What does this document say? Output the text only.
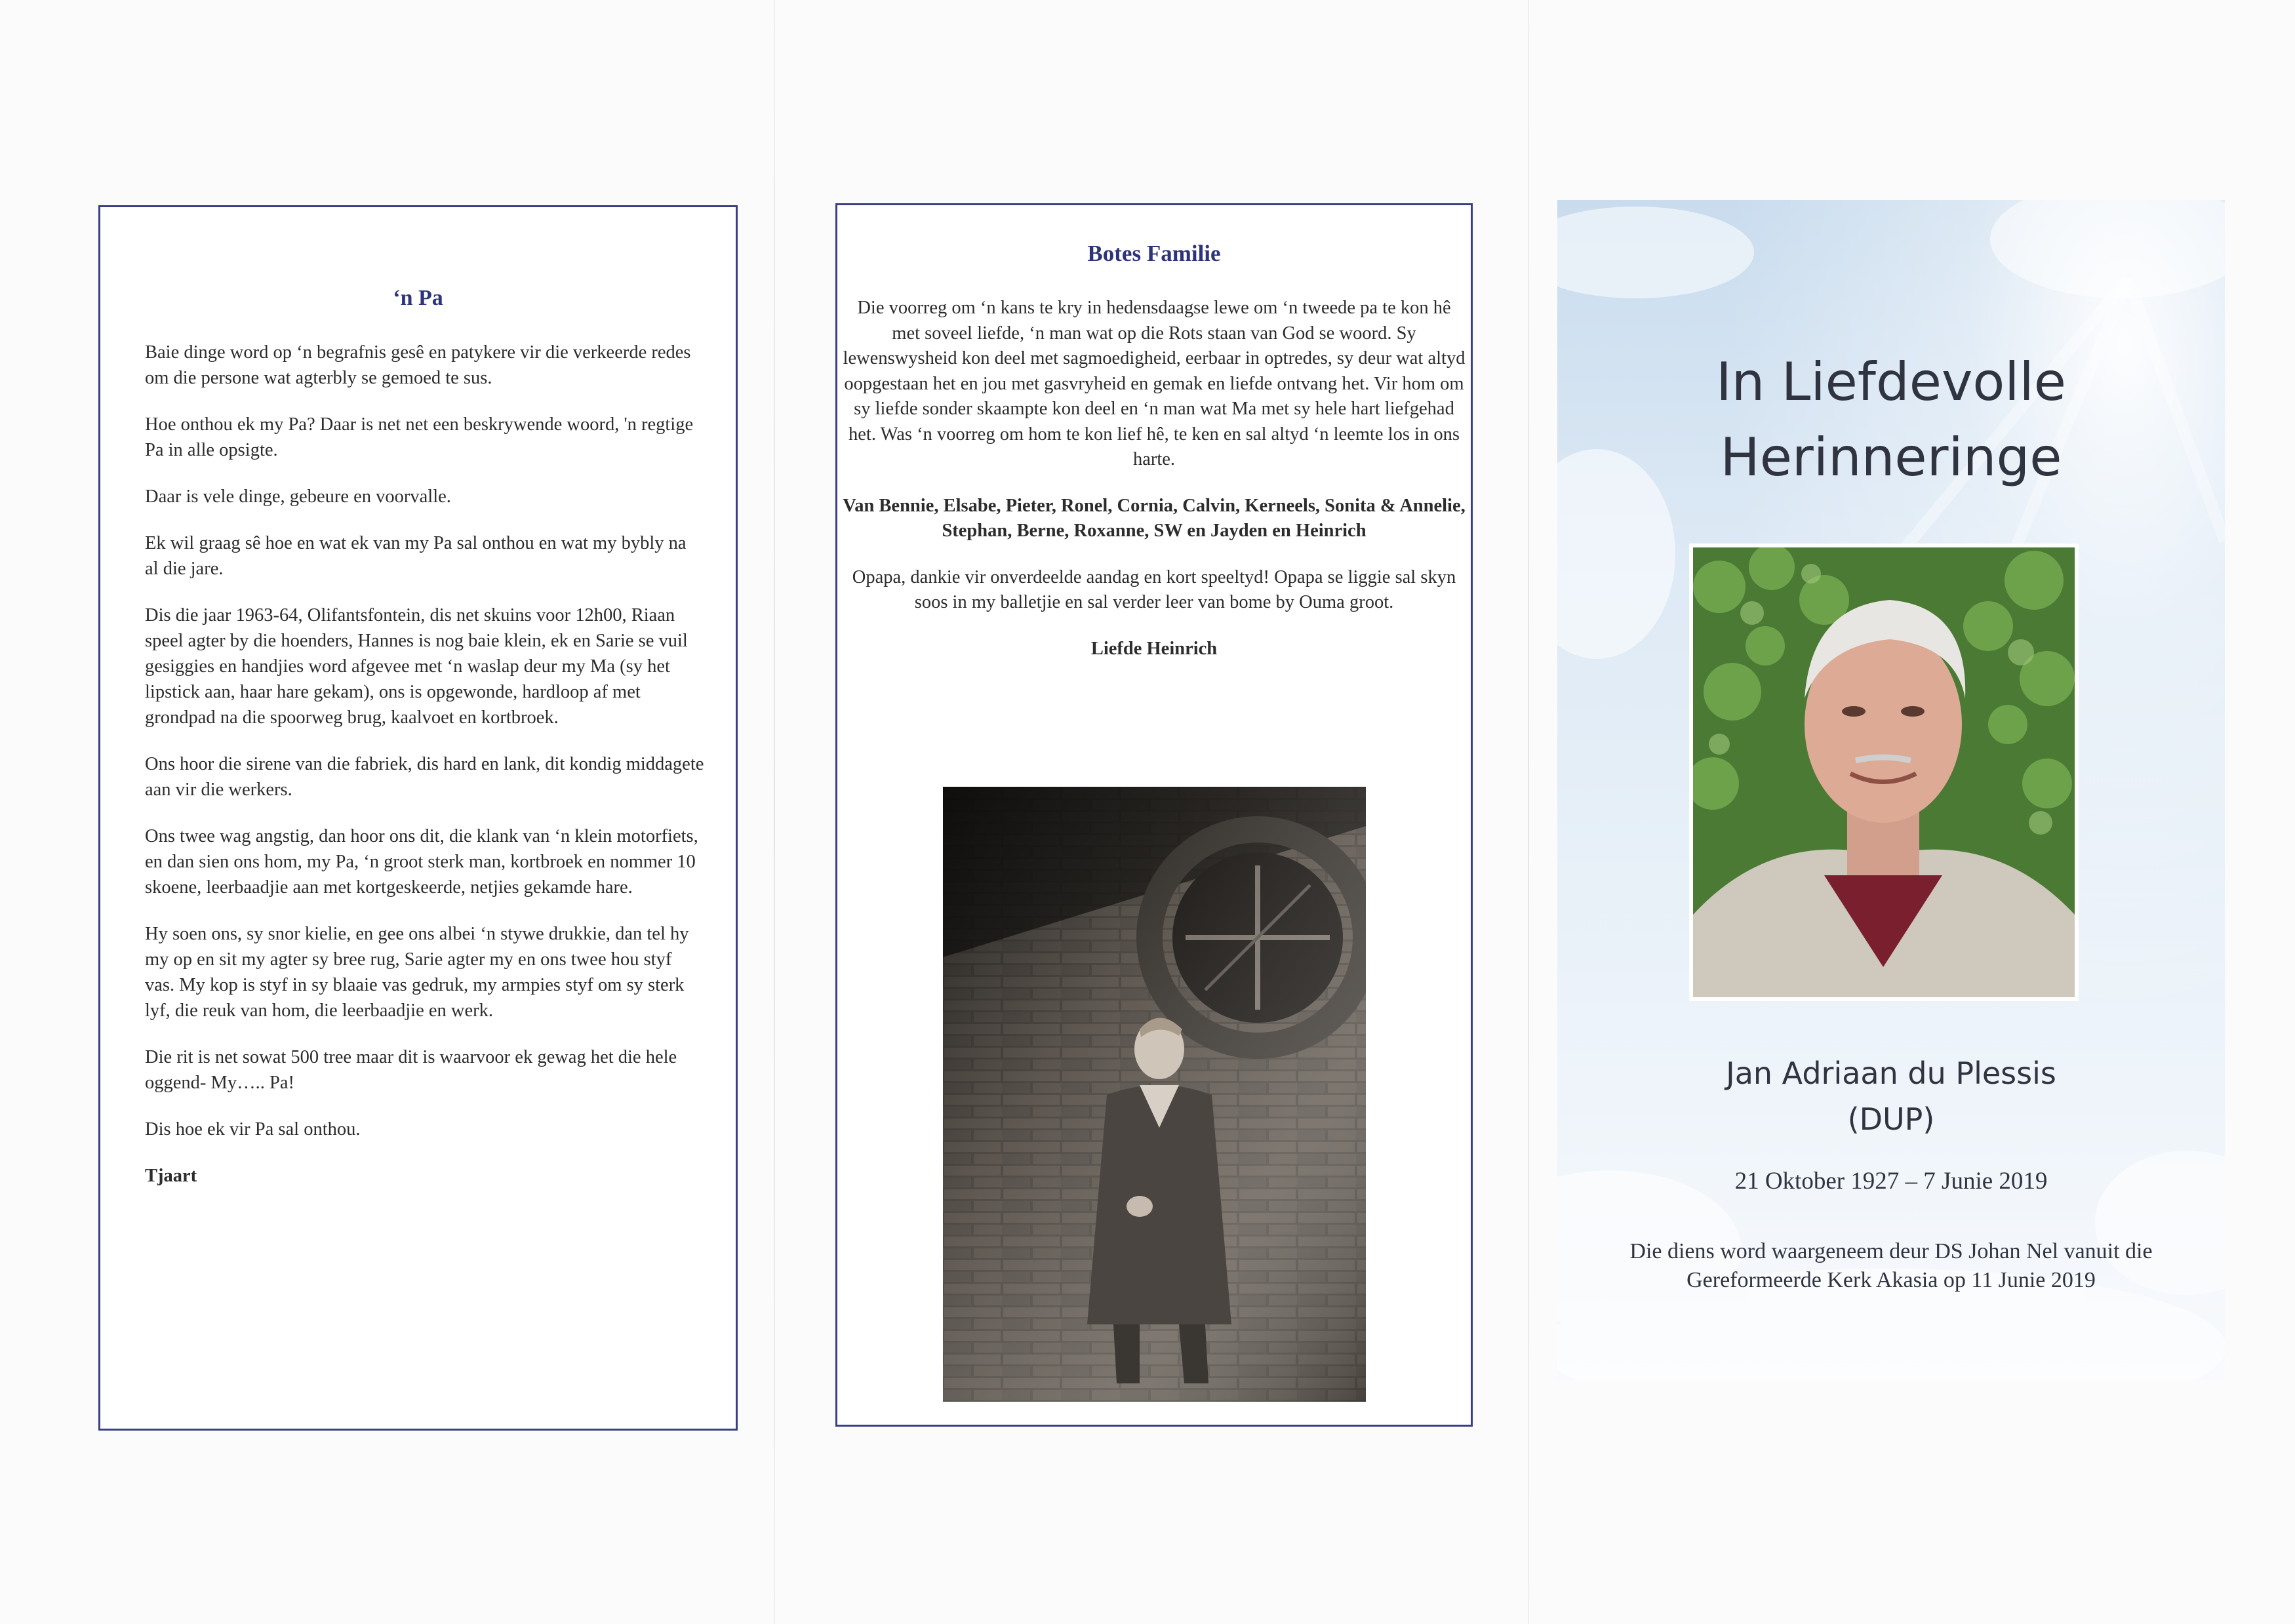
‘n Pa

Baie dinge word op ‘n begrafnis gesê en patykere vir die verkeerde redes om die persone wat agterbly se gemoed te sus.

Hoe onthou ek my Pa? Daar is net net een beskrywende woord, 'n regtige Pa in alle opsigte.

Daar is vele dinge, gebeure en voorvalle.

Ek wil graag sê hoe en wat ek van my Pa sal onthou en wat my bybly na al die jare.

Dis die jaar 1963-64, Olifantsfontein, dis net skuins voor 12h00, Riaan speel agter by die hoenders, Hannes is nog baie klein, ek en Sarie se vuil gesiggies en handjies word afgevee met ‘n waslap deur my Ma (sy het lipstick aan, haar hare gekam), ons is opgewonde, hardloop af met grondpad na die spoorweg brug, kaalvoet en kortbroek.

Ons hoor die sirene van die fabriek, dis hard en lank, dit kondig middagete aan vir die werkers.

Ons twee wag angstig, dan hoor ons dit, die klank van ‘n klein motorfiets, en dan sien ons hom, my Pa, ‘n groot sterk man, kortbroek en nommer 10 skoene, leerbaadjie aan met kortgeskeerde, netjies gekamde hare.

Hy soen ons, sy snor kielie, en gee ons albei ‘n stywe drukkie, dan tel hy my op en sit my agter sy bree rug, Sarie agter my en ons twee hou styf vas. My kop is styf in sy blaaie vas gedruk, my armpies styf om sy sterk lyf, die reuk van hom, die leerbaadjie en werk.

Die rit is net sowat 500 tree maar dit is waarvoor ek gewag het die hele oggend- My….. Pa!

Dis hoe ek vir Pa sal onthou.

Tjaart

Botes Familie

Die voorreg om ‘n kans te kry in hedensdaagse lewe om ‘n tweede pa te kon hê met soveel liefde, ‘n man wat op die Rots staan van God se woord. Sy lewenswysheid kon deel met sagmoedigheid, eerbaar in optredes, sy deur wat altyd oopgestaan het en jou met gasvryheid en gemak en liefde ontvang het. Vir hom om sy liefde sonder skaampte kon deel en ‘n man wat Ma met sy hele hart liefgehad het. Was ‘n voorreg om hom te kon lief hê, te ken en sal altyd ‘n leemte los in ons harte.

Van Bennie, Elsabe, Pieter, Ronel, Cornia, Calvin, Kerneels, Sonita & Annelie, Stephan, Berne, Roxanne, SW en Jayden en Heinrich

Opapa, dankie vir onverdeelde aandag en kort speeltyd! Opapa se liggie sal skyn soos in my balletjie en sal verder leer van bome by Ouma groot.

Liefde Heinrich

In Liefdevolle
Herinneringe
Jan Adriaan du Plessis
(DUP)
21 Oktober 1927 – 7 Junie 2019
Die diens word waargeneem deur DS Johan Nel vanuit die
Gereformeerde Kerk Akasia op 11 Junie 2019
